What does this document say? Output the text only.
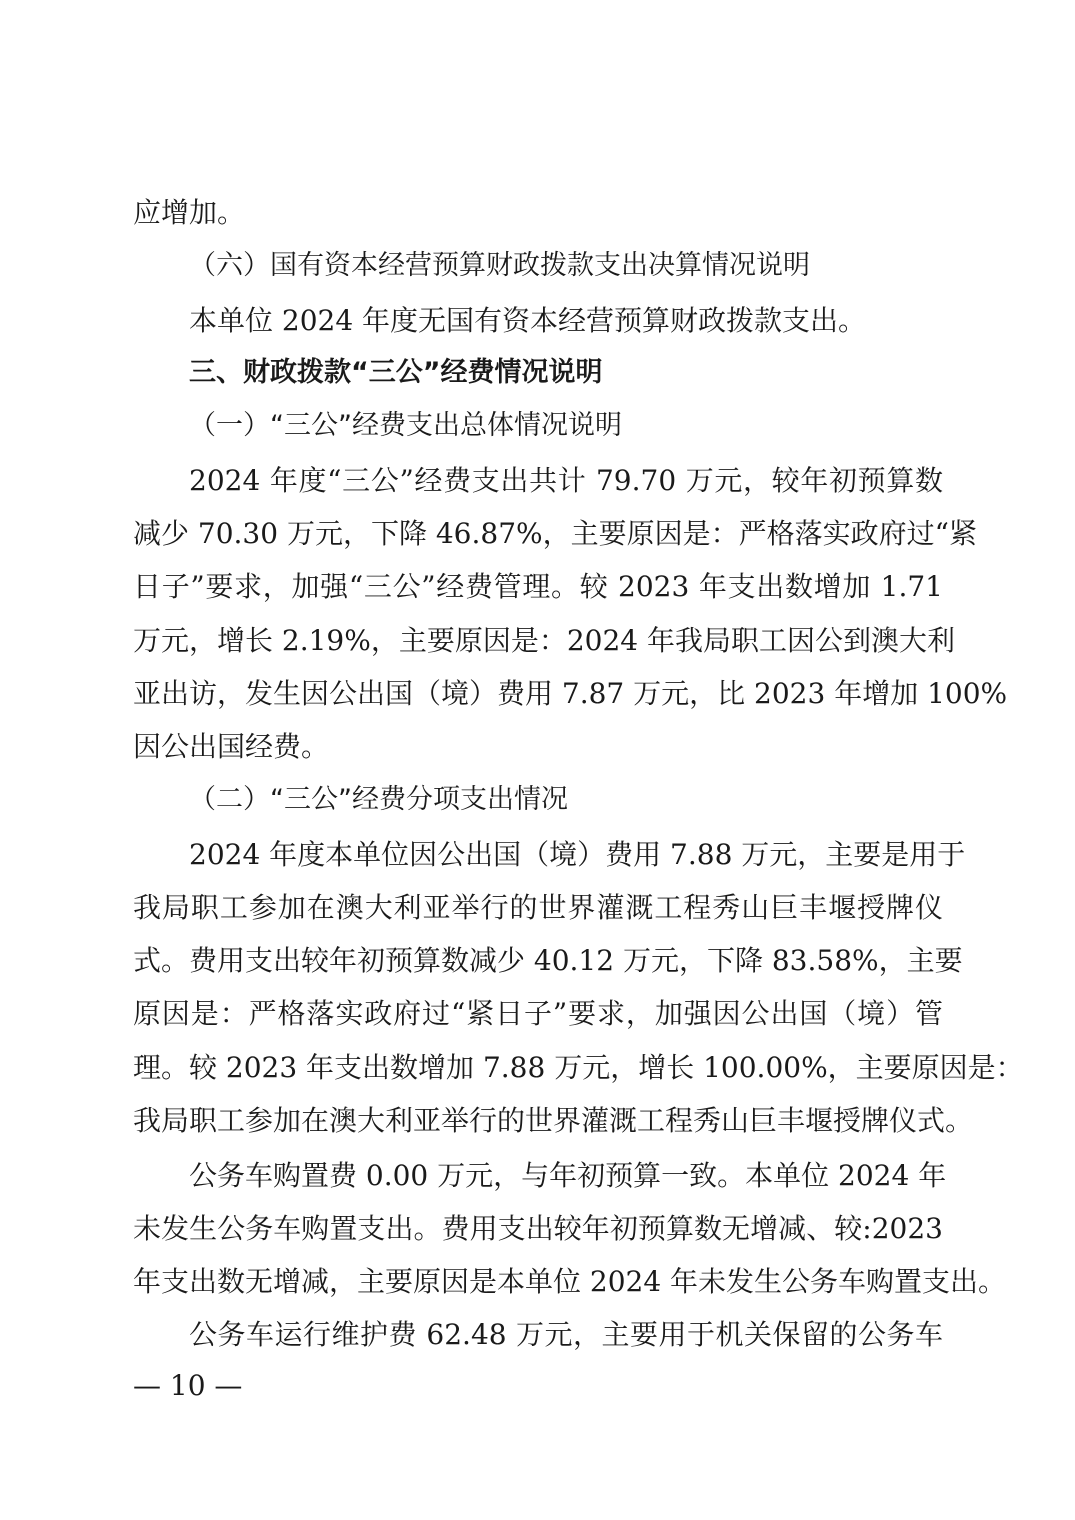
应增加。
（六）国有资本经营预算财政拨款支出决算情况说明
本单位 2024 年度无国有资本经营预算财政拨款支出。
三、财政拨款“三公”经费情况说明
（一）“三公”经费支出总体情况说明
2024 年度“三公”经费支出共计 79.70 万元，较年初预算数
减少 70.30 万元，下降 46.87%，主要原因是：严格落实政府过“紧
日子”要求，加强“三公”经费管理。较 2023 年支出数增加 1.71
万元，增长 2.19%，主要原因是：2024 年我局职工因公到澳大利
亚出访，发生因公出国（境）费用 7.87 万元，比 2023 年增加 100%
因公出国经费。
（二）“三公”经费分项支出情况
2024 年度本单位因公出国（境）费用 7.88 万元，主要是用于
我局职工参加在澳大利亚举行的世界灌溉工程秀山巨丰堰授牌仪
式。费用支出较年初预算数减少 40.12 万元，下降 83.58%，主要
原因是：严格落实政府过“紧日子”要求，加强因公出国（境）管
理。较 2023 年支出数增加 7.88 万元，增长 100.00%，主要原因是：
我局职工参加在澳大利亚举行的世界灌溉工程秀山巨丰堰授牌仪式。
公务车购置费 0.00 万元，与年初预算一致。本单位 2024 年
未发生公务车购置支出。费用支出较年初预算数无增减、较:2023
年支出数无增减，主要原因是本单位 2024 年未发生公务车购置支出。
公务车运行维护费 62.48 万元，主要用于机关保留的公务车
— 10 —
